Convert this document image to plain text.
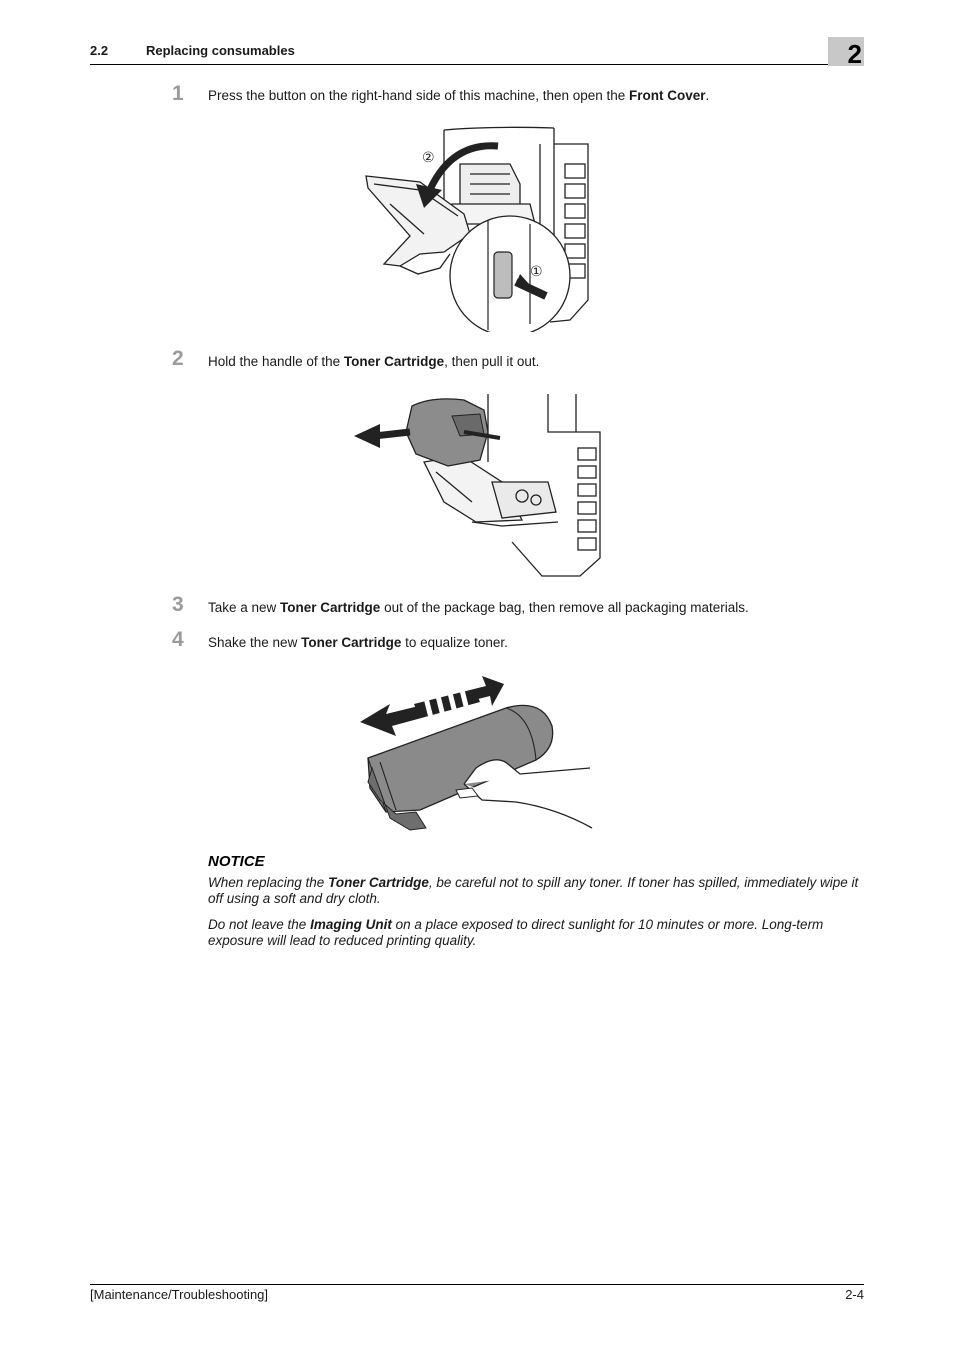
2.2	Replacing consumables	2
1 Press the button on the right-hand side of this machine, then open the Front Cover.
②
①
2 Hold the handle of the Toner Cartridge, then pull it out.
3 Take a new Toner Cartridge out of the package bag, then remove all packaging materials.
4 Shake the new Toner Cartridge to equalize toner.
NOTICE
When replacing the Toner Cartridge, be careful not to spill any toner. If toner has spilled, immediately wipe it off using a soft and dry cloth.
Do not leave the Imaging Unit on a place exposed to direct sunlight for 10 minutes or more. Long-term exposure will lead to reduced printing quality.
[Maintenance/Troubleshooting]	2-4
